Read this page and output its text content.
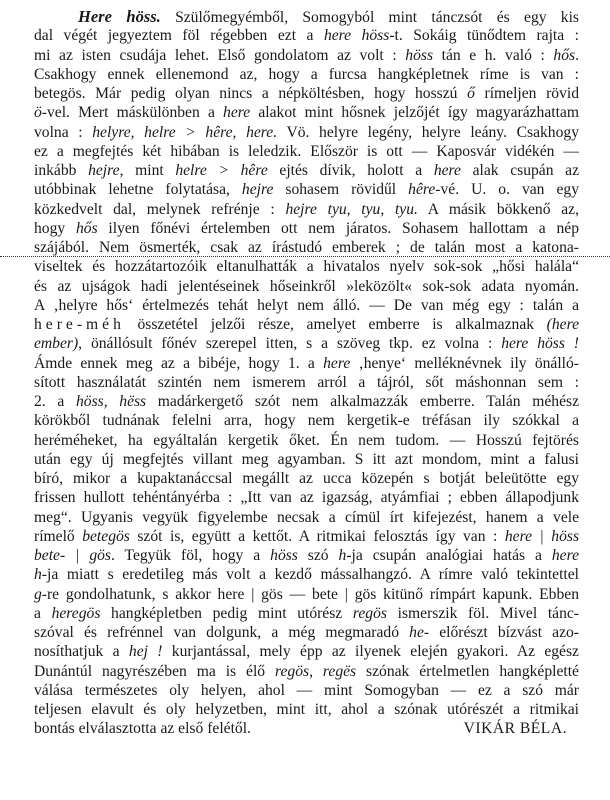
Here höss. Szülőmegyémből, Somogyból mint tánczsót és egy kis
dal végét jegyeztem föl régebben ezt a here höss-t. Sokáig tünődtem rajta :
mi az isten csudája lehet. Első gondolatom az volt : höss tán e h. való : hős.
Csakhogy ennek ellenemond az, hogy a furcsa hangképletnek ríme is van :
betegös. Már pedig olyan nincs a népköltésben, hogy hosszú ő rímeljen rövid
ö-vel. Mert máskülönben a here alakot mint hősnek jelzőjét így magyarázhattam
volna : helyre, helre > hêre, here. Vö. helyre legény, helyre leány. Csakhogy
ez a megfejtés két hibában is leledzik. Először is ott — Kaposvár vidékén —
inkább hejre, mint helre > hêre ejtés dívik, holott a here alak csupán az
utóbbinak lehetne folytatása, hejre sohasem rövidűl hêre-vé. U. o. van egy
közkedvelt dal, melynek refrénje : hejre tyu, tyu, tyu. A másik bökkenő az,
hogy hős ilyen főnévi értelemben ott nem járatos. Sohasem hallottam a nép
szájából. Nem ösmerték, csak az írástudó emberek ; de talán most a katona-
viseltek és hozzátartozóik eltanulhatták a hivatalos nyelv sok-sok „hősi halála“
és az ujságok hadi jelentéseinek hőseinkről »leközölt« sok-sok adata nyomán.
A ‚helyre hős‘ értelmezés tehát helyt nem álló. — De van még egy : talán a
here-méh összetétel jelzői része, amelyet emberre is alkalmaznak (here
ember), önállósult főnév szerepel itten, s a szöveg tkp. ez volna : here höss !
Ámde ennek meg az a bibéje, hogy 1. a here ‚henye‘ melléknévnek ily önálló-
sított használatát szintén nem ismerem arról a tájról, sőt máshonnan sem :
2. a höss, hëss madárkergető szót nem alkalmazzák emberre. Talán méhész
körökből tudnának felelni arra, hogy nem kergetik-e tréfásan ily szókkal a
heréméheket, ha egyáltalán kergetik őket. Én nem tudom. — Hosszú fejtörés
után egy új megfejtés villant meg agyamban. S itt azt mondom, mint a falusi
bíró, mikor a kupaktanáccsal megállt az ucca közepén s botját beleütötte egy
frissen hullott tehéntányérba : „Itt van az igazság, atyámfiai ; ebben állapodjunk
meg“. Ugyanis vegyük figyelembe necsak a címül írt kifejezést, hanem a vele
rímelő betegös szót is, együtt a kettőt. A ritmikai felosztás így van : here | höss
bete- | gös. Tegyük föl, hogy a höss szó h-ja csupán analógiai hatás a here
h-ja miatt s eredetileg más volt a kezdő mássalhangzó. A rímre való tekintettel
g-re gondolhatunk, s akkor here | gös — bete | gös kitünő rímpárt kapunk. Ebben
a heregös hangképletben pedig mint utórész regös ismerszik föl. Mivel tánc-
szóval és refrénnel van dolgunk, a még megmaradó he- előrészt bízvást azo-
nosíthatjuk a hej ! kurjantással, mely épp az ilyenek elején gyakori. Az egész
Dunántúl nagyrészében ma is élő regös, regës szónak értelmetlen hangképletté
válása természetes oly helyen, ahol — mint Somogyban — ez a szó már
teljesen elavult és oly helyzetben, mint itt, ahol a szónak utórészét a ritmikai
bontás elválasztotta az első felétől.	VIKÁR BÉLA.
